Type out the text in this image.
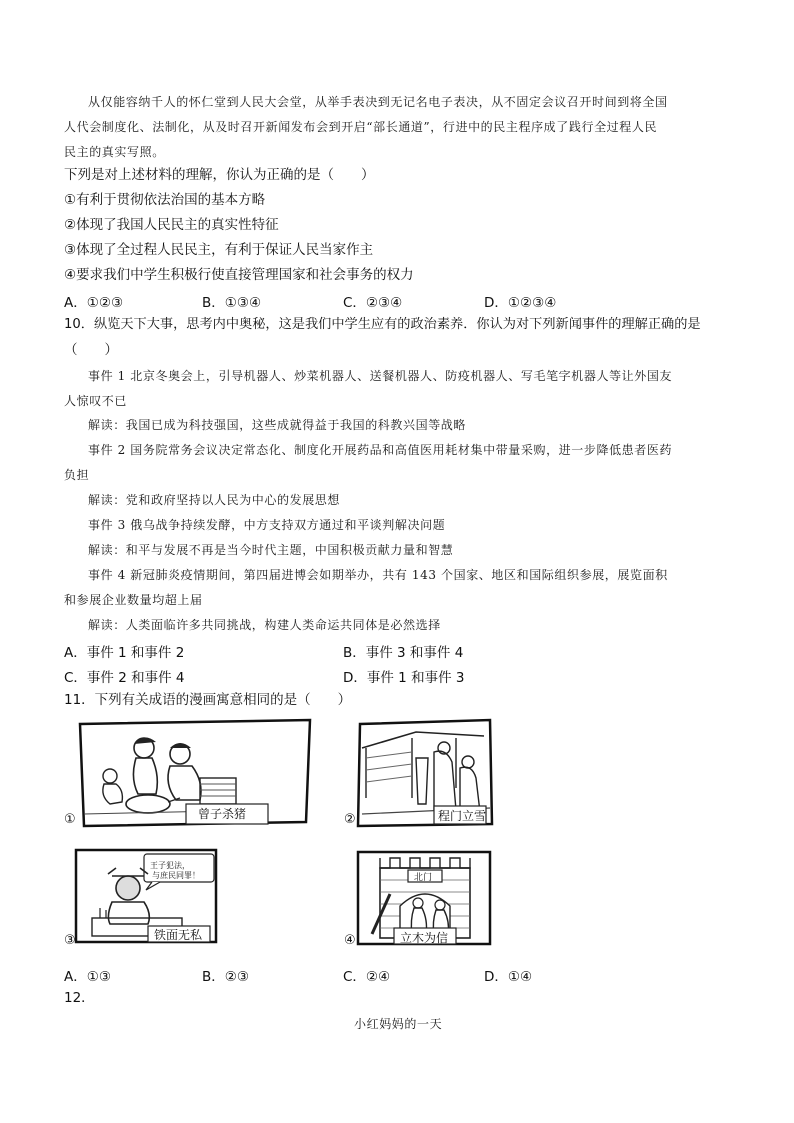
从仅能容纳千人的怀仁堂到人民大会堂，从举手表决到无记名电子表决，从不固定会议召开时间到将全国
人代会制度化、法制化，从及时召开新闻发布会到开启“部长通道”，行进中的民主程序成了践行全过程人民
民主的真实写照。
下列是对上述材料的理解，你认为正确的是（　　）
①有利于贯彻依法治国的基本方略
②体现了我国人民民主的真实性特征
③体现了全过程人民民主，有利于保证人民当家作主
④要求我们中学生积极行使直接管理国家和社会事务的权力
A．①②③	B．①③④	C．②③④	D．①②③④
10．纵览天下大事，思考内中奥秘，这是我们中学生应有的政治素养．你认为对下列新闻事件的理解正确的是
（　　）
事件 1 北京冬奥会上，引导机器人、炒菜机器人、送餐机器人、防疫机器人、写毛笔字机器人等让外国友
人惊叹不已
解读：我国已成为科技强国，这些成就得益于我国的科教兴国等战略
事件 2 国务院常务会议决定常态化、制度化开展药品和高值医用耗材集中带量采购，进一步降低患者医药
负担
解读：党和政府坚持以人民为中心的发展思想
事件 3 俄乌战争持续发酵，中方支持双方通过和平谈判解决问题
解读：和平与发展不再是当今时代主题，中国积极贡献力量和智慧
事件 4 新冠肺炎疫情期间，第四届进博会如期举办，共有 143 个国家、地区和国际组织参展，展览面积
和参展企业数量均超上届
解读：人类面临许多共同挑战，构建人类命运共同体是必然选择
A．事件 1 和事件 2	B．事件 3 和事件 4
C．事件 2 和事件 4	D．事件 1 和事件 3
11．下列有关成语的漫画寓意相同的是（　　）
曾子杀猪
①	程门立雪
②
王子犯法，
与庶民同罪！
铁面无私
③
北门
立木为信
④
A．①③	B．②③	C．②④	D．①④
12．
小红妈妈的一天
